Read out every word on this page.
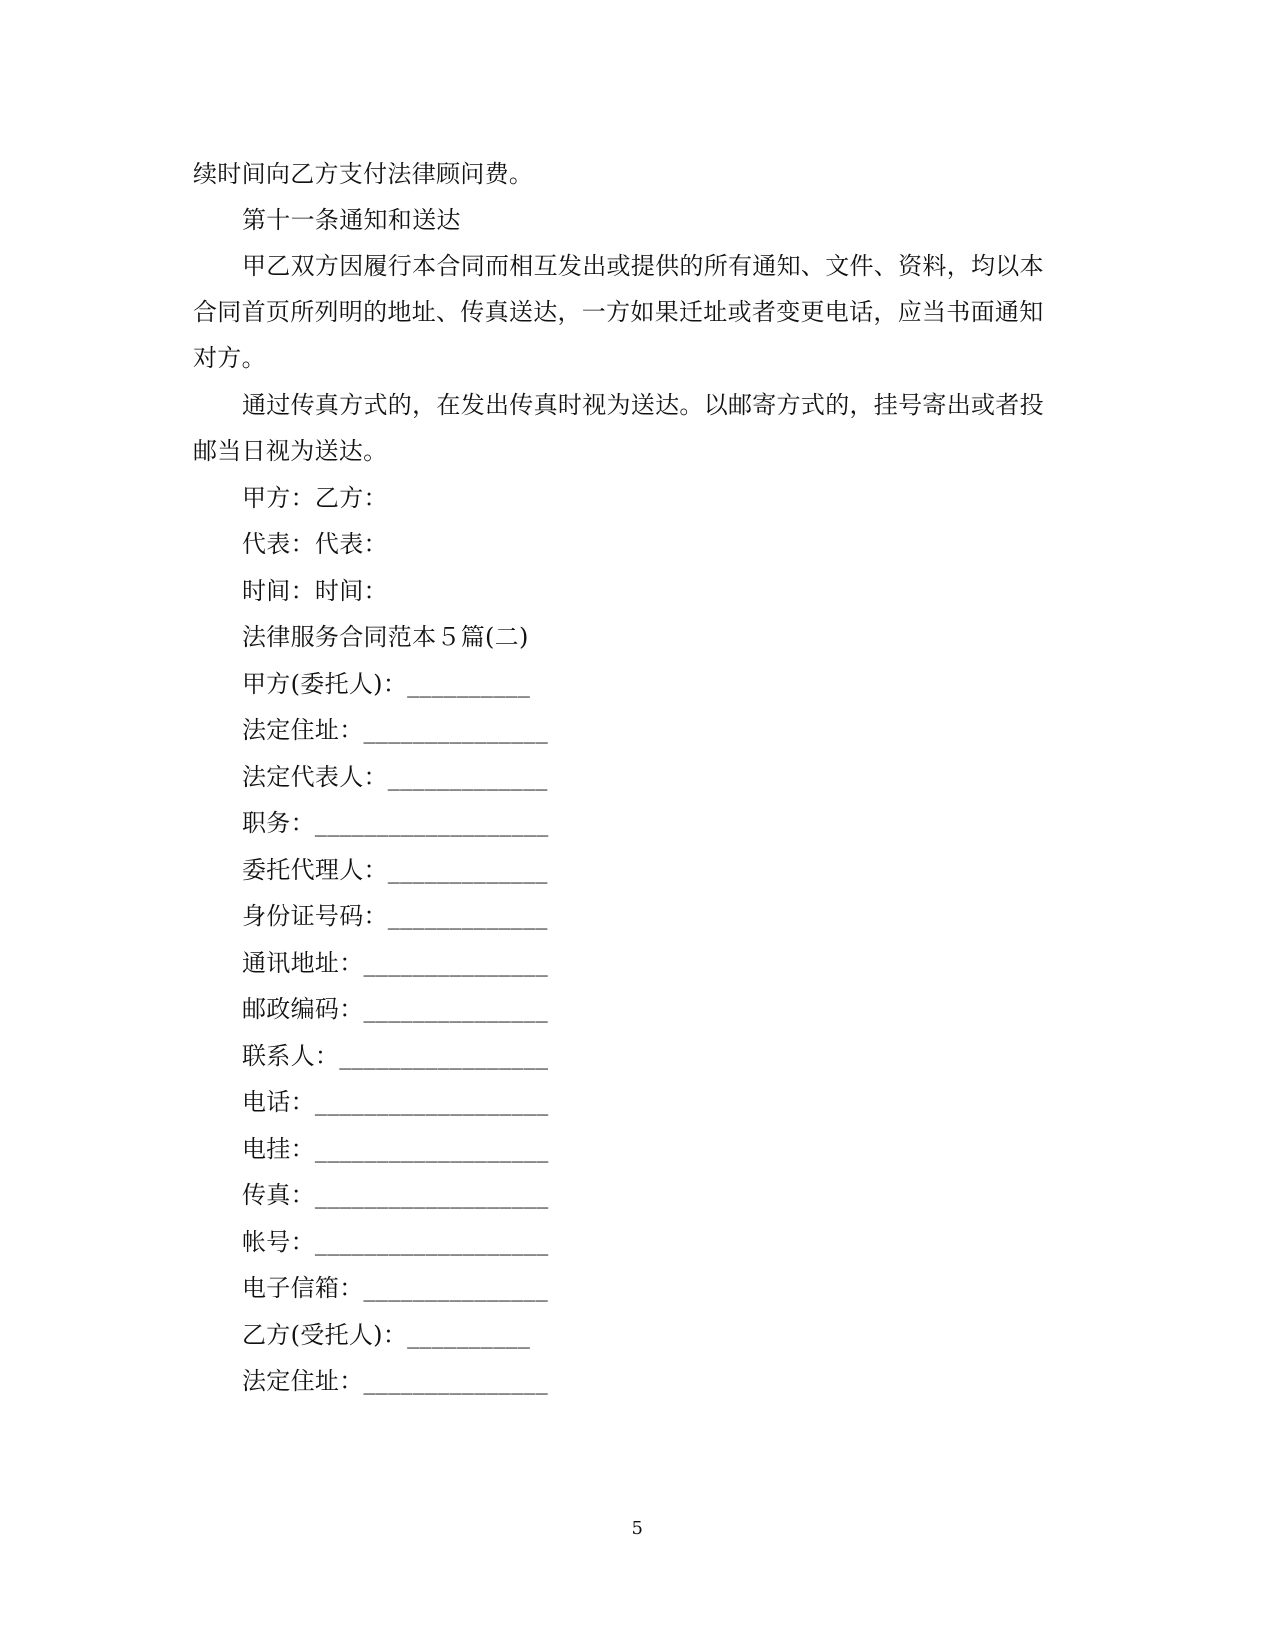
续时间向乙方支付法律顾问费。
第十一条通知和送达
甲乙双方因履行本合同而相互发出或提供的所有通知、文件、资料，均以本
合同首页所列明的地址、传真送达，一方如果迁址或者变更电话，应当书面通知
对方。
通过传真方式的，在发出传真时视为送达。以邮寄方式的，挂号寄出或者投
邮当日视为送达。
甲方：乙方：
代表：代表：
时间：时间：
法律服务合同范本５篇(二)
甲方(委托人)：__________
法定住址：_______________
法定代表人：_____________
职务：___________________
委托代理人：_____________
身份证号码：_____________
通讯地址：_______________
邮政编码：_______________
联系人：_________________
电话：___________________
电挂：___________________
传真：___________________
帐号：___________________
电子信箱：_______________
乙方(受托人)：__________
法定住址：_______________
5
